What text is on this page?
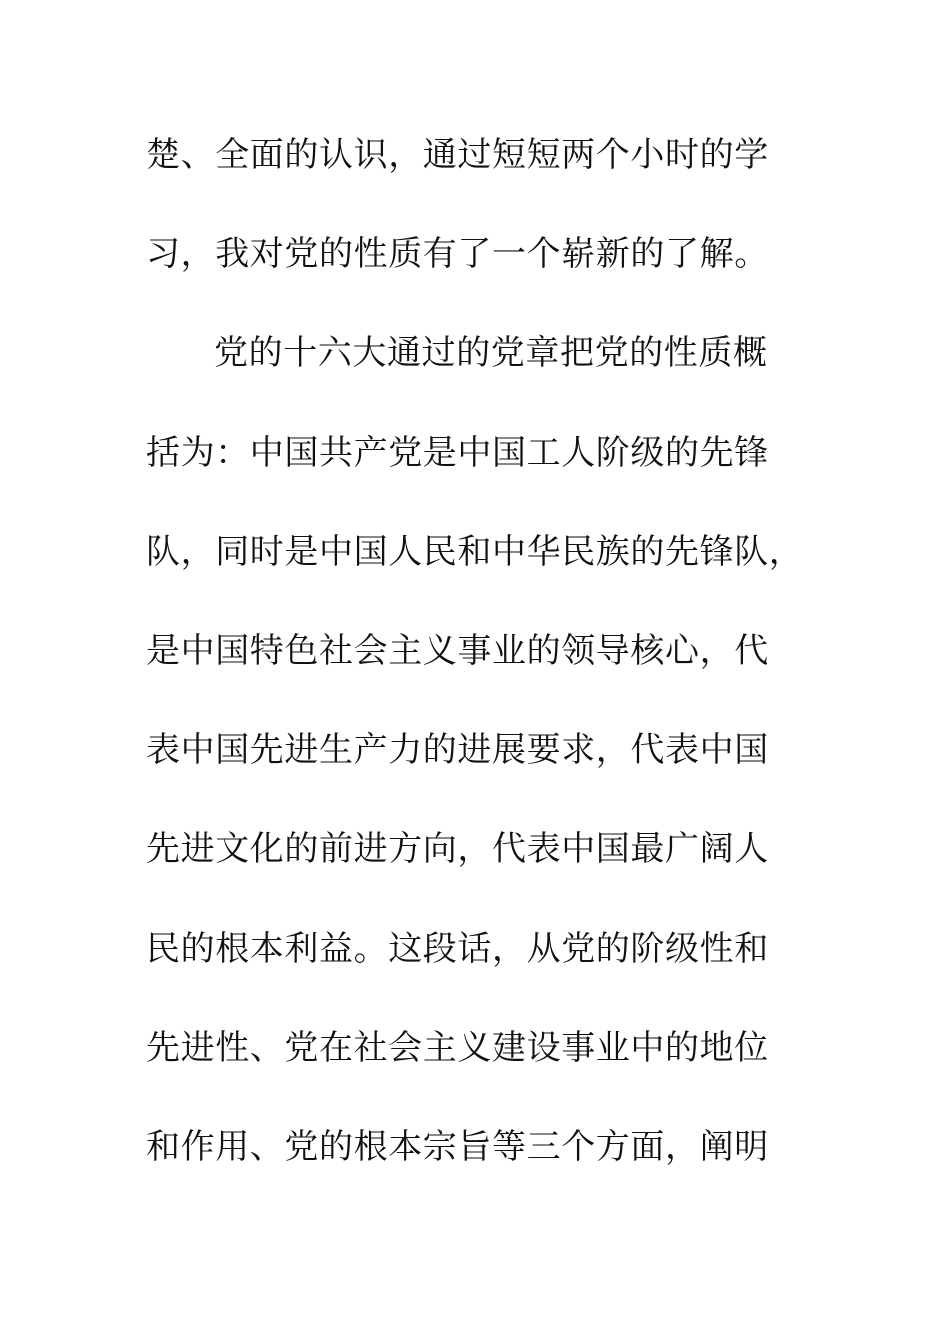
楚、全面的认识，通过短短两个小时的学
习，我对党的性质有了一个崭新的了解。
党的十六大通过的党章把党的性质概
括为：中国共产党是中国工人阶级的先锋
队，同时是中国人民和中华民族的先锋队，
是中国特色社会主义事业的领导核心，代
表中国先进生产力的进展要求，代表中国
先进文化的前进方向，代表中国最广阔人
民的根本利益。这段话，从党的阶级性和
先进性、党在社会主义建设事业中的地位
和作用、党的根本宗旨等三个方面，阐明
